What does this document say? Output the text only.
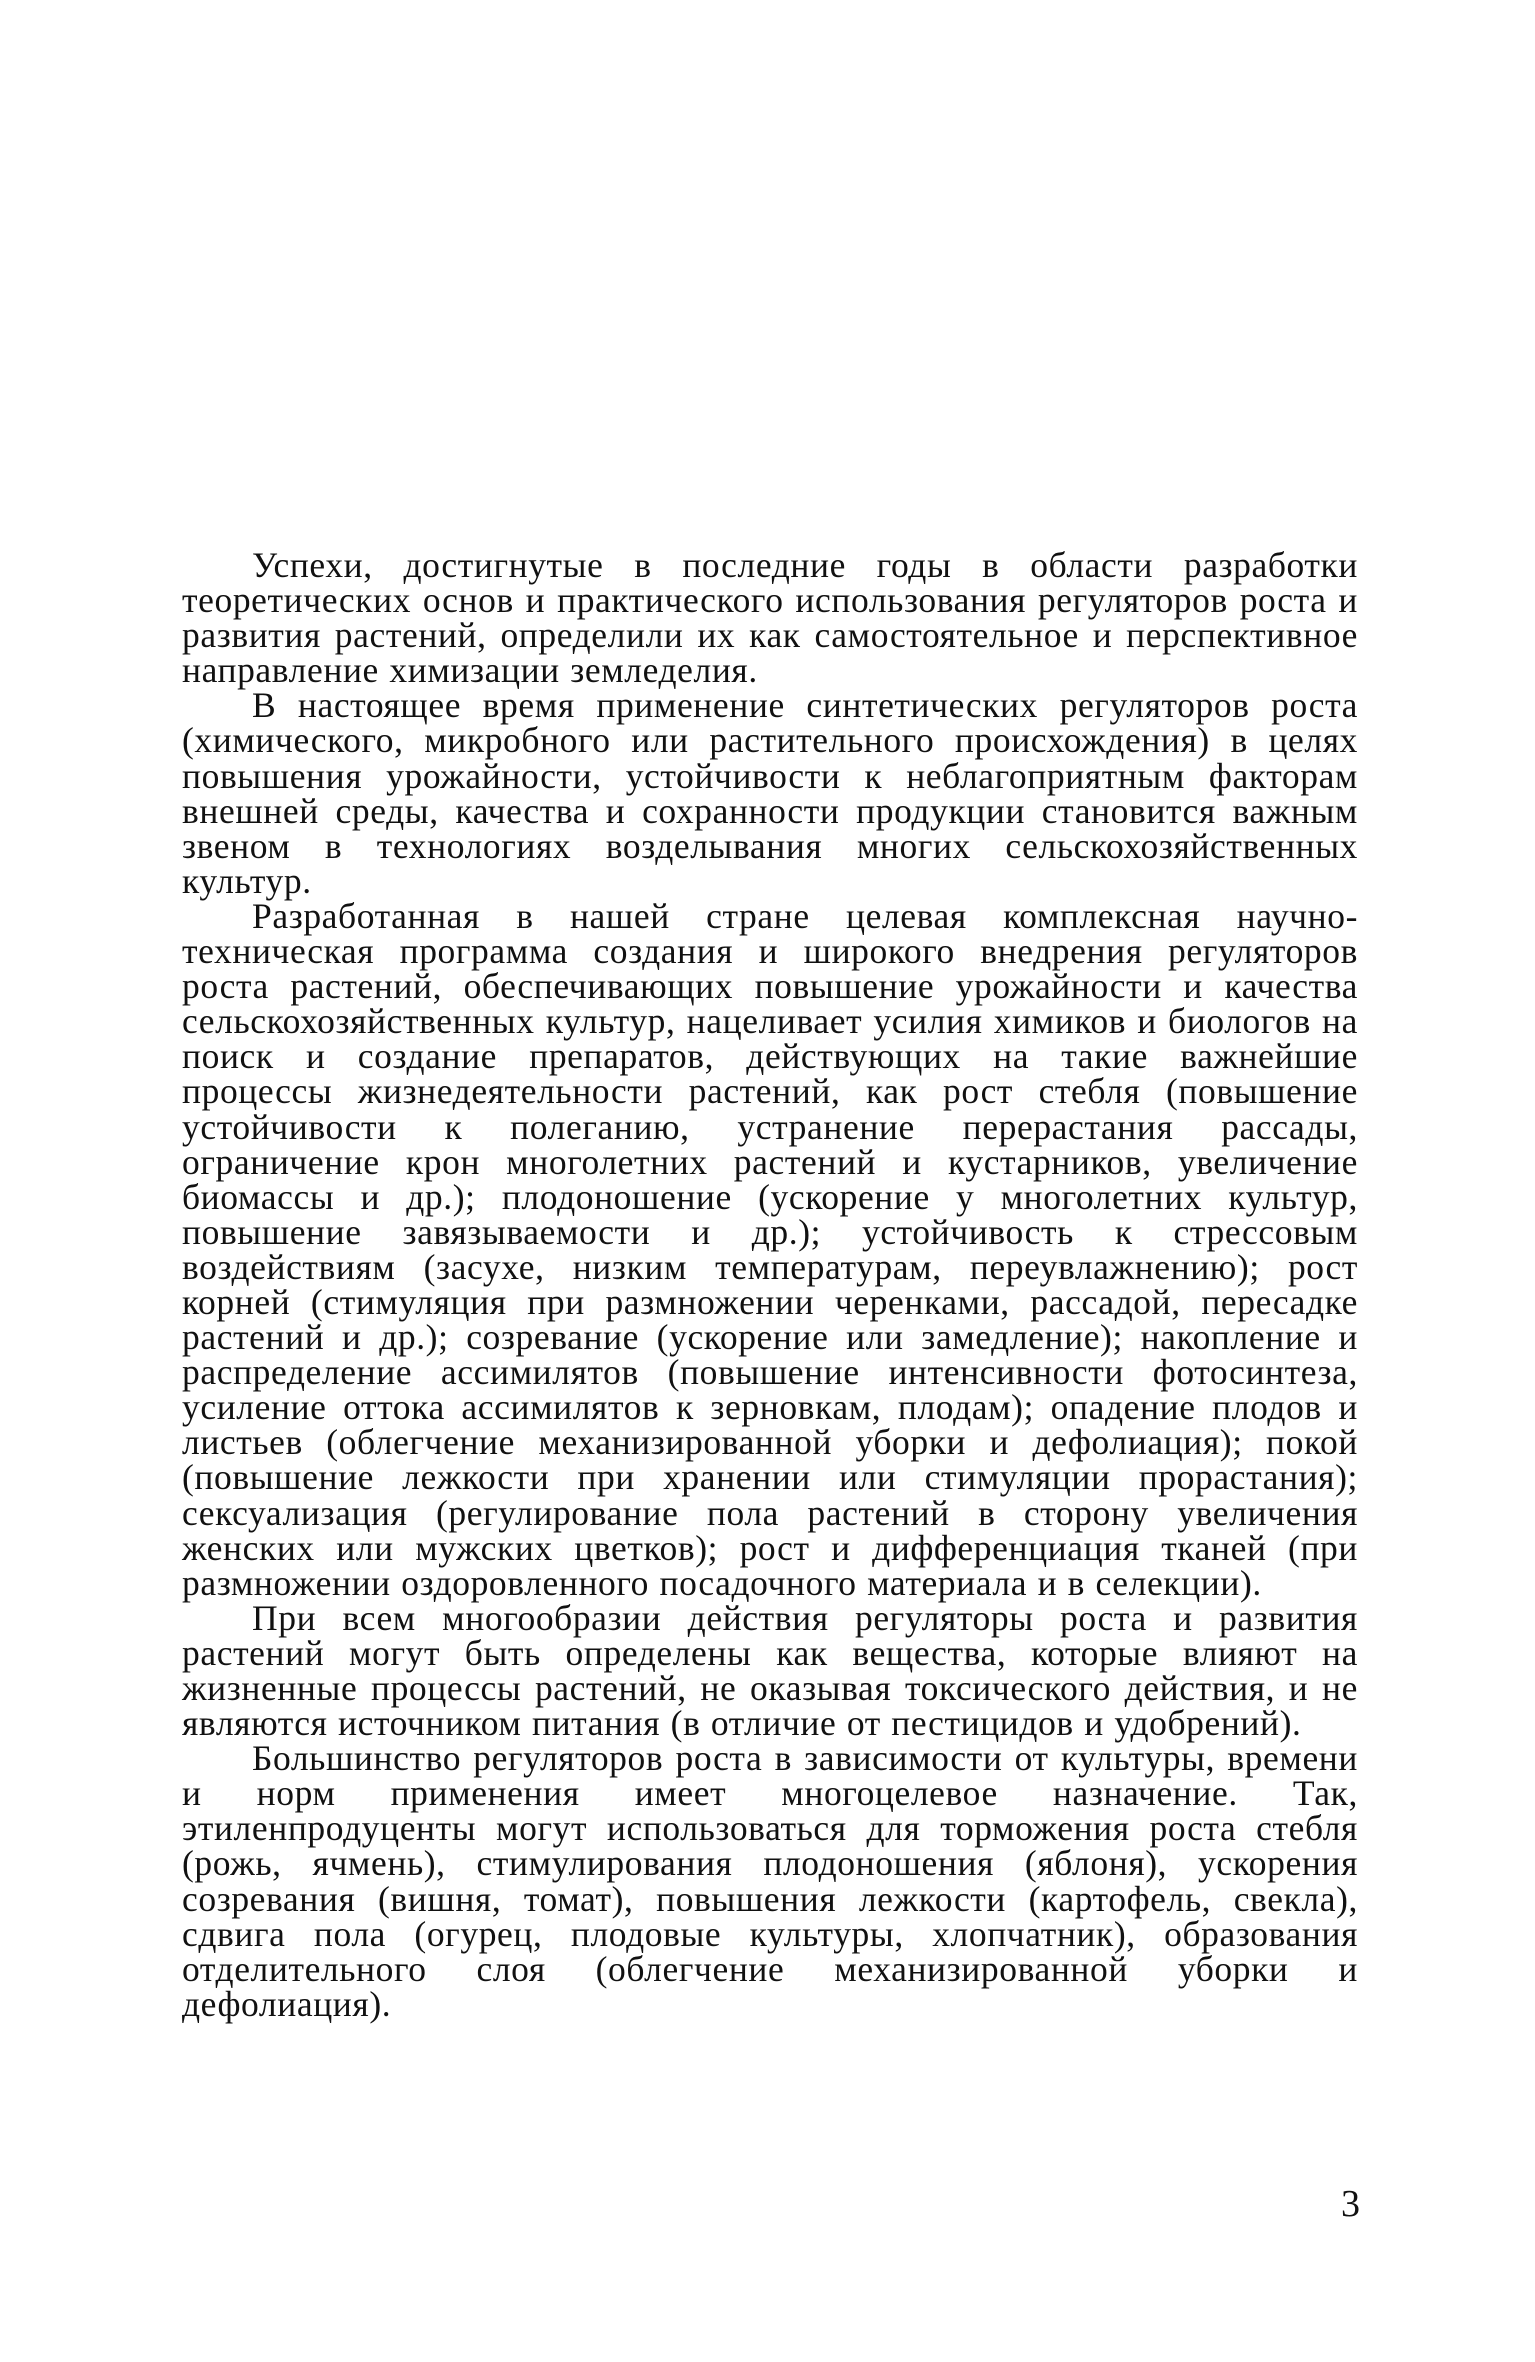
Успехи, достигнутые в последние годы в области разработки теоретических основ и практического использования регуляторов роста и развития растений, определили их как самостоятельное и перспективное направление химизации земледелия.

В настоящее время применение синтетических регуляторов роста (химического, микробного или растительного происхождения) в целях повышения урожайности, устойчивости к неблагоприятным факторам внешней среды, качества и сохранности продукции становится важным звеном в технологиях возделывания многих сельскохозяйственных культур.

Разработанная в нашей стране целевая комплексная научно-техническая программа создания и широкого внедрения регуляторов роста растений, обеспечивающих повышение урожайности и качества сельскохозяйственных культур, нацеливает усилия химиков и биологов на поиск и создание препаратов, действующих на такие важнейшие процессы жизнедеятельности растений, как рост стебля (повышение устойчивости к полеганию, устранение перерастания рассады, ограничение крон многолетних растений и кустарников, увеличение биомассы и др.); плодоношение (ускорение у многолетних культур, повышение завязываемости и др.); устойчивость к стрессовым воздействиям (засухе, низким температурам, переувлажнению); рост корней (стимуляция при размножении черенками, рассадой, пересадке растений и др.); созревание (ускорение или замедление); накопление и распределение ассимилятов (повышение интенсивности фотосинтеза, усиление оттока ассимилятов к зерновкам, плодам); опадение плодов и листьев (облегчение механизированной уборки и дефолиация); покой (повышение лежкости при хранении или стимуляции прорастания); сексуализация (регулирование пола растений в сторону увеличения женских или мужских цветков); рост и дифференциация тканей (при размножении оздоровленного посадочного материала и в селекции).

При всем многообразии действия регуляторы роста и развития растений могут быть определены как вещества, которые влияют на жизненные процессы растений, не оказывая токсического действия, и не являются источником питания (в отличие от пестицидов и удобрений).

Большинство регуляторов роста в зависимости от культуры, времени и норм применения имеет многоцелевое назначение. Так, этиленпродуценты могут использоваться для торможения роста стебля (рожь, ячмень), стимулирования плодоношения (яблоня), ускорения созревания (вишня, томат), повышения лежкости (картофель, свекла), сдвига пола (огурец, плодовые культуры, хлопчатник), образования отделительного слоя (облегчение механизированной уборки и дефолиация).

3
